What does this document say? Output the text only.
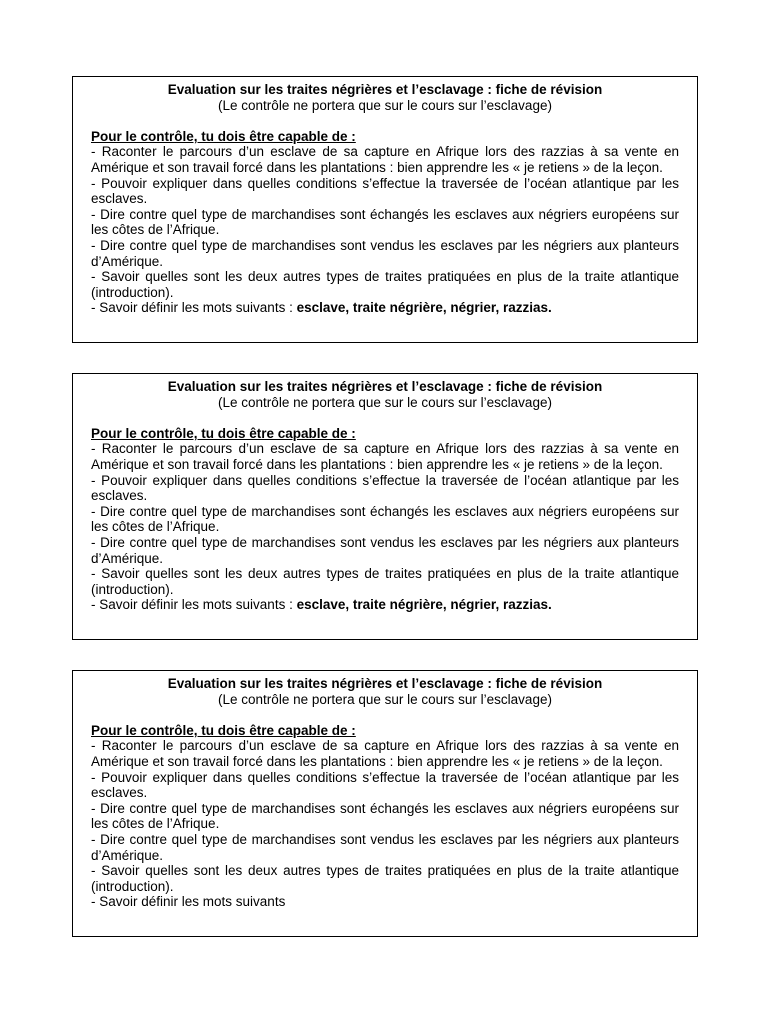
Evaluation sur les traites négrières et l’esclavage : fiche de révision
(Le contrôle ne portera que sur le cours sur l’esclavage)
Pour le contrôle, tu dois être capable de :
- Raconter le parcours d’un esclave de sa capture en Afrique lors des razzias à sa vente en Amérique et son travail forcé dans les plantations : bien apprendre les « je retiens » de la leçon.
- Pouvoir expliquer dans quelles conditions s’effectue la traversée de l’océan atlantique par les esclaves.
- Dire contre quel type de marchandises sont échangés les esclaves aux négriers européens sur les côtes de l’Afrique.
- Dire contre quel type de marchandises sont vendus les esclaves par les négriers aux planteurs d’Amérique.
- Savoir quelles sont les deux autres types de traites pratiquées en plus de la traite atlantique (introduction).
- Savoir définir les mots suivants : esclave, traite négrière, négrier, razzias.
Evaluation sur les traites négrières et l’esclavage : fiche de révision
(Le contrôle ne portera que sur le cours sur l’esclavage)
Pour le contrôle, tu dois être capable de :
- Raconter le parcours d’un esclave de sa capture en Afrique lors des razzias à sa vente en Amérique et son travail forcé dans les plantations : bien apprendre les « je retiens » de la leçon.
- Pouvoir expliquer dans quelles conditions s’effectue la traversée de l’océan atlantique par les esclaves.
- Dire contre quel type de marchandises sont échangés les esclaves aux négriers européens sur les côtes de l’Afrique.
- Dire contre quel type de marchandises sont vendus les esclaves par les négriers aux planteurs d’Amérique.
- Savoir quelles sont les deux autres types de traites pratiquées en plus de la traite atlantique (introduction).
- Savoir définir les mots suivants : esclave, traite négrière, négrier, razzias.
Evaluation sur les traites négrières et l’esclavage : fiche de révision
(Le contrôle ne portera que sur le cours sur l’esclavage)
Pour le contrôle, tu dois être capable de :
- Raconter le parcours d’un esclave de sa capture en Afrique lors des razzias à sa vente en Amérique et son travail forcé dans les plantations : bien apprendre les « je retiens » de la leçon.
- Pouvoir expliquer dans quelles conditions s’effectue la traversée de l’océan atlantique par les esclaves.
- Dire contre quel type de marchandises sont échangés les esclaves aux négriers européens sur les côtes de l’Afrique.
- Dire contre quel type de marchandises sont vendus les esclaves par les négriers aux planteurs d’Amérique.
- Savoir quelles sont les deux autres types de traites pratiquées en plus de la traite atlantique (introduction).
- Savoir définir les mots suivants
